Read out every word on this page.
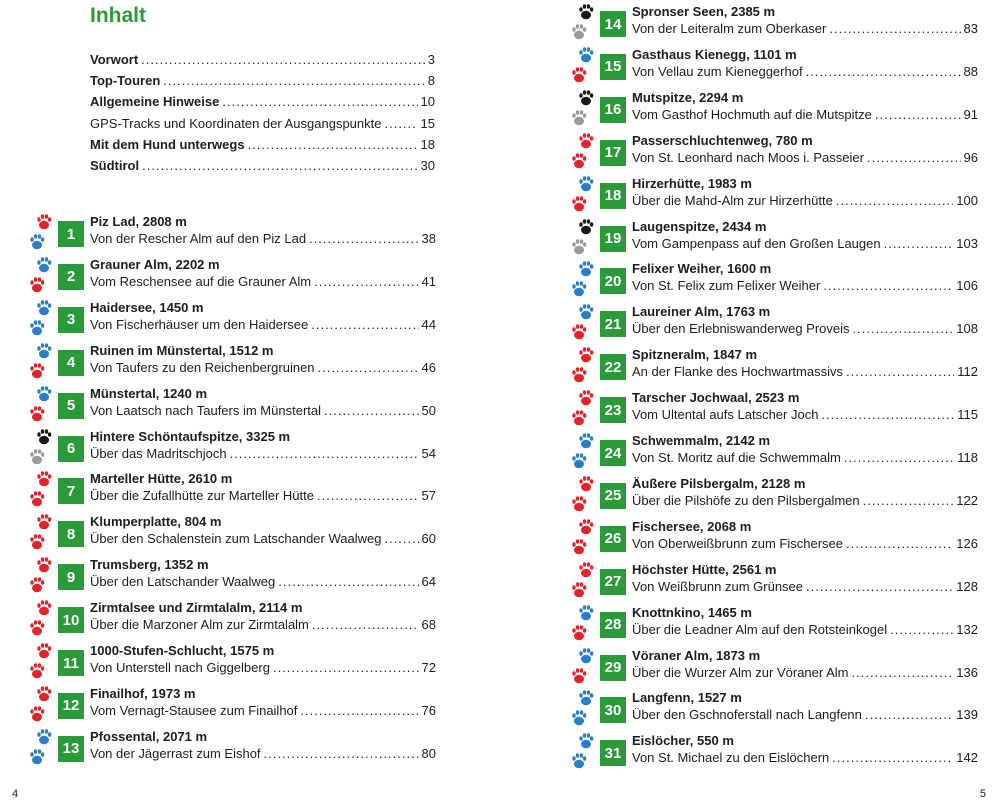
Inhalt
Vorwort .....	3
Top-Touren .....	8
Allgemeine Hinweise .....	10
GPS-Tracks und Koordinaten der Ausgangspunkte .....	15
Mit dem Hund unterwegs .....	18
Südtirol .....	30
1
Piz Lad, 2808 m
Von der Rescher Alm auf den Piz Lad .....	38
2
Grauner Alm, 2202 m
Vom Reschensee auf die Grauner Alm .....	41
3
Haidersee, 1450 m
Von Fischerhäuser um den Haidersee .....	44
4
Ruinen im Münstertal, 1512 m
Von Taufers zu den Reichenbergruinen .....	46
5
Münstertal, 1240 m
Von Laatsch nach Taufers im Münstertal .....	50
6
Hintere Schöntaufspitze, 3325 m
Über das Madritschjoch .....	54
7
Marteller Hütte, 2610 m
Über die Zufallhütte zur Marteller Hütte .....	57
8
Klumperplatte, 804 m
Über den Schalenstein zum Latschander Waalweg .....	60
9
Trumsberg, 1352 m
Über den Latschander Waalweg .....	64
10
Zirmtalsee und Zirmtalalm, 2114 m
Über die Marzoner Alm zur Zirmtalalm .....	68
11
1000-Stufen-Schlucht, 1575 m
Von Unterstell nach Giggelberg .....	72
12
Finailhof, 1973 m
Vom Vernagt-Stausee zum Finailhof .....	76
13
Pfossental, 2071 m
Von der Jägerrast zum Eishof .....	80
4
14
Spronser Seen, 2385 m
Von der Leiteralm zum Oberkaser .....	83
15
Gasthaus Kienegg, 1101 m
Von Vellau zum Kieneggerhof .....	88
16
Mutspitze, 2294 m
Vom Gasthof Hochmuth auf die Mutspitze .....	91
17
Passerschluchtenweg, 780 m
Von St. Leonhard nach Moos i. Passeier .....	96
18
Hirzerhütte, 1983 m
Über die Mahd-Alm zur Hirzerhütte .....	100
19
Laugenspitze, 2434 m
Vom Gampenpass auf den Großen Laugen .....	103
20
Felixer Weiher, 1600 m
Von St. Felix zum Felixer Weiher .....	106
21
Laureiner Alm, 1763 m
Über den Erlebniswanderweg Proveis .....	108
22
Spitzneralm, 1847 m
An der Flanke des Hochwartmassivs .....	112
23
Tarscher Jochwaal, 2523 m
Vom Ultental aufs Latscher Joch .....	115
24
Schwemmalm, 2142 m
Von St. Moritz auf die Schwemmalm .....	118
25
Äußere Pilsbergalm, 2128 m
Über die Pilshöfe zu den Pilsbergalmen .....	122
26
Fischersee, 2068 m
Von Oberweißbrunn zum Fischersee .....	126
27
Höchster Hütte, 2561 m
Von Weißbrunn zum Grünsee .....	128
28
Knottnkino, 1465 m
Über die Leadner Alm auf den Rotsteinkogel .....	132
29
Vöraner Alm, 1873 m
Über die Wurzer Alm zur Vöraner Alm .....	136
30
Langfenn, 1527 m
Über den Gschnoferstall nach Langfenn .....	139
31
Eislöcher, 550 m
Von St. Michael zu den Eislöchern .....	142
5
